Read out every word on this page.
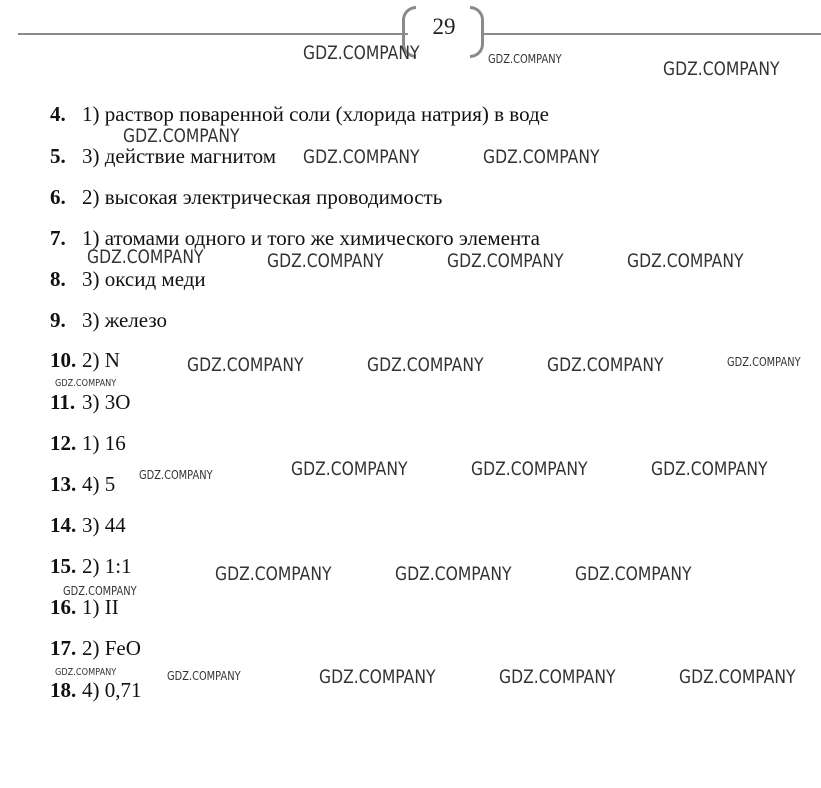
29
4. 1) раствор поваренной соли (хлорида натрия) в воде
5. 3) действие магнитом
6. 2) высокая электрическая проводимость
7. 1) атомами одного и того же химического элемента
8. 3) оксид меди
9. 3) железо
10. 2) N
11. 3) 3O
12. 1) 16
13. 4) 5
14. 3) 44
15. 2) 1:1
16. 1) II
17. 2) FeO
18. 4) 0,71
GDZ.COMPANY	GDZ.COMPANY	GDZ.COMPANY
GDZ.COMPANY
GDZ.COMPANY	GDZ.COMPANY
GDZ.COMPANY	GDZ.COMPANY	GDZ.COMPANY	GDZ.COMPANY
GDZ.COMPANY	GDZ.COMPANY	GDZ.COMPANY	GDZ.COMPANY
GDZ.COMPANY
GDZ.COMPANY	GDZ.COMPANY	GDZ.COMPANY	GDZ.COMPANY
GDZ.COMPANY	GDZ.COMPANY	GDZ.COMPANY
GDZ.COMPANY
GDZ.COMPANY	GDZ.COMPANY	GDZ.COMPANY	GDZ.COMPANY	GDZ.COMPANY
